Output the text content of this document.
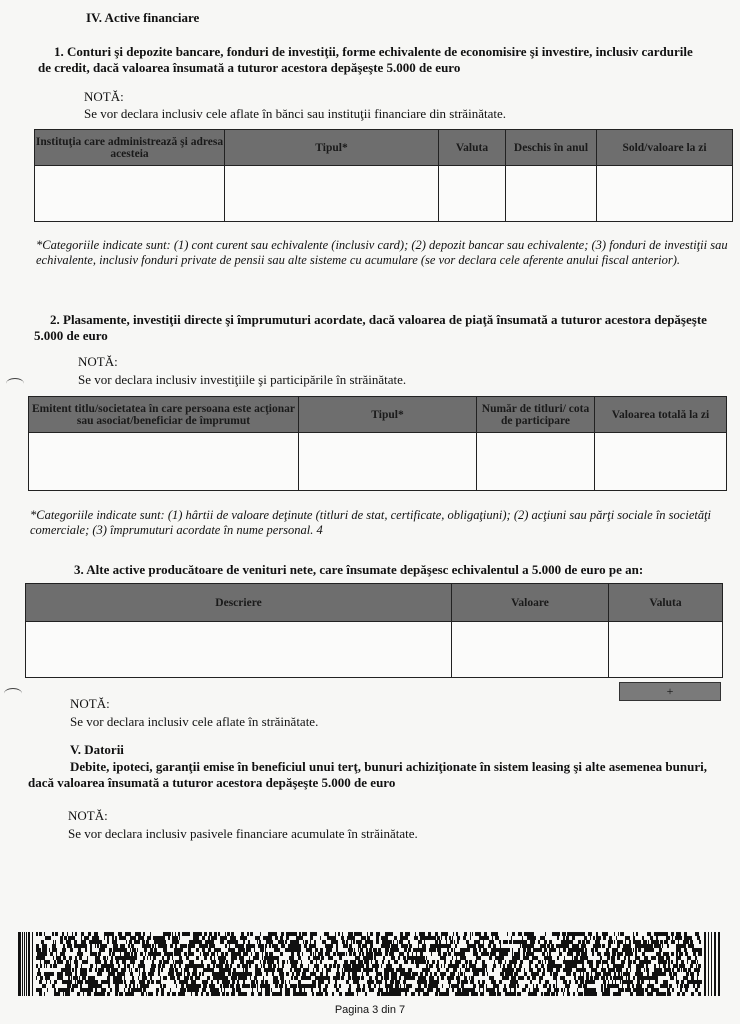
IV. Active financiare
1. Conturi şi depozite bancare, fonduri de investiţii, forme echivalente de economisire şi investire, inclusiv cardurile de credit, dacă valoarea însumată a tuturor acestora depăşeşte 5.000 de euro
NOTĂ:
Se vor declara inclusiv cele aflate în bănci sau instituţii financiare din străinătate.
Instituţia care administrează şi adresa acesteia	Tipul*	Valuta	Deschis în anul	Sold/valoare la zi

*Categoriile indicate sunt: (1) cont curent sau echivalente (inclusiv card); (2) depozit bancar sau echivalente; (3) fonduri de investiţii sau echivalente, inclusiv fonduri private de pensii sau alte sisteme cu acumulare (se vor declara cele aferente anului fiscal anterior).
2. Plasamente, investiţii directe şi împrumuturi acordate, dacă valoarea de piaţă însumată a tuturor acestora depăşeşte 5.000 de euro
NOTĂ:
Se vor declara inclusiv investiţiile şi participările în străinătate.
Emitent titlu/societatea în care persoana este acţionar sau asociat/beneficiar de împrumut	Tipul*	Număr de titluri/ cota de participare	Valoarea totală la zi

*Categoriile indicate sunt: (1) hârtii de valoare deţinute (titluri de stat, certificate, obligaţiuni); (2) acţiuni sau părţi sociale în societăţi comerciale; (3) împrumuturi acordate în nume personal. 4
3. Alte active producătoare de venituri nete, care însumate depăşesc echivalentul a 5.000 de euro pe an:
Descriere	Valoare	Valuta

+
NOTĂ:
Se vor declara inclusiv cele aflate în străinătate.
V. Datorii
Debite, ipoteci, garanţii emise în beneficiul unui terţ, bunuri achiziţionate în sistem leasing şi alte asemenea bunuri, dacă valoarea însumată a tuturor acestora depăşeşte 5.000 de euro
NOTĂ:
Se vor declara inclusiv pasivele financiare acumulate în străinătate.
Pagina 3 din 7
